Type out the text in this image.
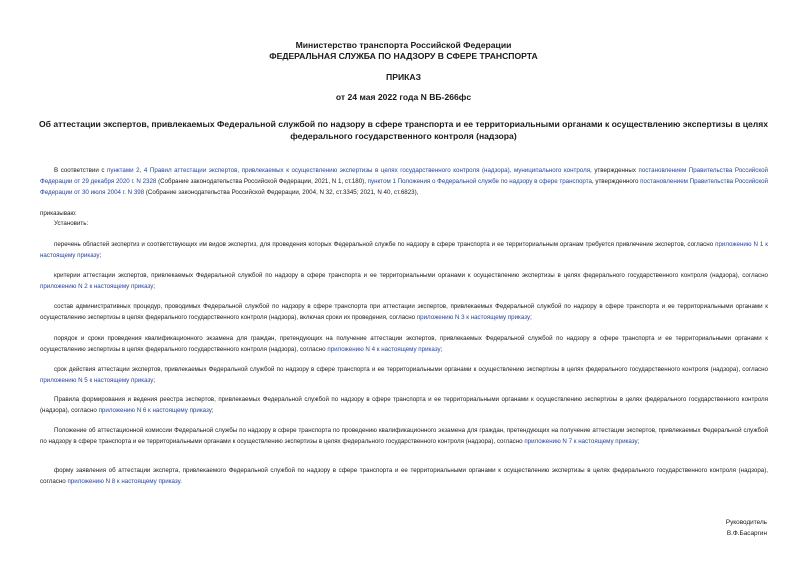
Министерство транспорта Российской Федерации
ФЕДЕРАЛЬНАЯ СЛУЖБА ПО НАДЗОРУ В СФЕРЕ ТРАНСПОРТА
ПРИКАЗ
от 24 мая 2022 года N ВБ-266фс
Об аттестации экспертов, привлекаемых Федеральной службой по надзору в сфере транспорта и ее территориальными органами к осуществлению экспертизы в целях федерального государственного контроля (надзора)
В соответствии с пунктами 2, 4 Правил аттестации экспертов, привлекаемых к осуществлению экспертизы в целях государственного контроля (надзора), муниципального контроля, утвержденных постановлением Правительства Российской Федерации от 29 декабря 2020 г. N 2328 (Собрание законодательства Российской Федерации, 2021, N 1, ст.180), пунктом 1 Положения о Федеральной службе по надзору в сфере транспорта, утвержденного постановлением Правительства Российской Федерации от 30 июля 2004 г. N 398 (Собрание законодательства Российской Федерации, 2004, N 32, ст.3345; 2021, N 40, ст.6823),
приказываю:
Установить:
перечень областей экспертиз и соответствующих им видов экспертиз, для проведения которых Федеральной службе по надзору в сфере транспорта и ее территориальным органам требуется привлечение экспертов, согласно приложению N 1 к настоящему приказу;
критерии аттестации экспертов, привлекаемых Федеральной службой по надзору в сфере транспорта и ее территориальными органами к осуществлению экспертизы в целях федерального государственного контроля (надзора), согласно приложению N 2 к настоящему приказу;
состав административных процедур, проводимых Федеральной службой по надзору в сфере транспорта при аттестации экспертов, привлекаемых Федеральной службой по надзору в сфере транспорта и ее территориальными органами к осуществлению экспертизы в целях федерального государственного контроля (надзора), включая сроки их проведения, согласно приложению N 3 к настоящему приказу;
порядок и сроки проведения квалификационного экзамена для граждан, претендующих на получение аттестации экспертов, привлекаемых Федеральной службой по надзору в сфере транспорта и ее территориальными органами к осуществлению экспертизы в целях федерального государственного контроля (надзора), согласно приложению N 4 к настоящему приказу;
срок действия аттестации экспертов, привлекаемых Федеральной службой по надзору в сфере транспорта и ее территориальными органами к осуществлению экспертизы в целях федерального государственного контроля (надзора), согласно приложению N 5 к настоящему приказу;
Правила формирования и ведения реестра экспертов, привлекаемых Федеральной службой по надзору в сфере транспорта и ее территориальными органами к осуществлению экспертизы в целях федерального государственного контроля (надзора), согласно приложению N 6 к настоящему приказу;
Положение об аттестационной комиссии Федеральной службы по надзору в сфере транспорта по проведению квалификационного экзамена для граждан, претендующих на получение аттестации экспертов, привлекаемых Федеральной службой по надзору в сфере транспорта и ее территориальными органами к осуществлению экспертизы в целях федерального государственного контроля (надзора), согласно приложению N 7 к настоящему приказу;
форму заявления об аттестации эксперта, привлекаемого Федеральной службой по надзору в сфере транспорта и ее территориальными органами к осуществлению экспертизы в целях федерального государственного контроля (надзора), согласно приложению N 8 к настоящему приказу.
Руководитель
В.Ф.Басаргин
